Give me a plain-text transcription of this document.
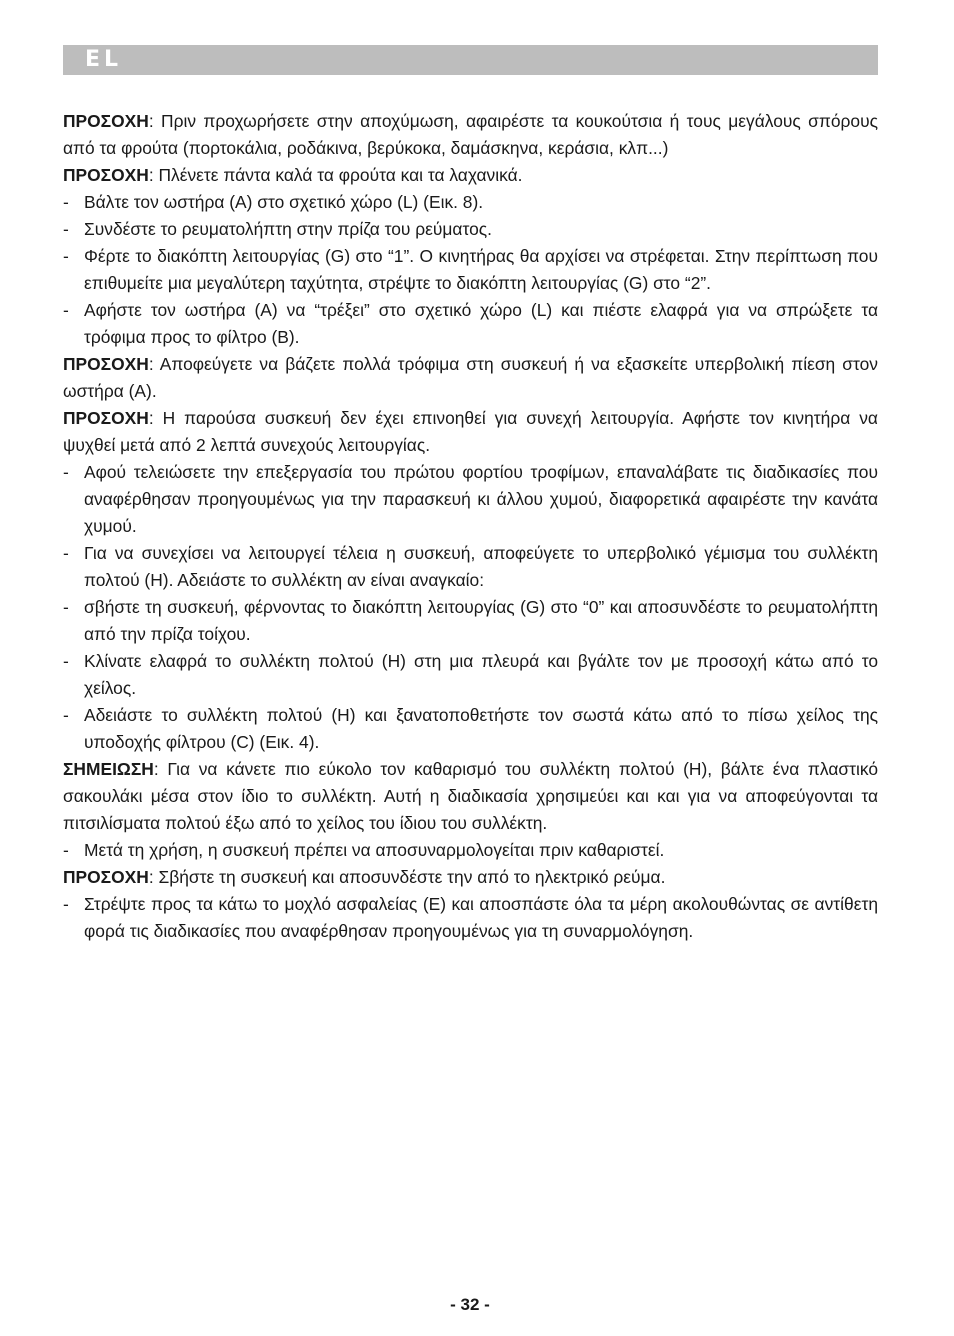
EL

ΠΡΟΣΟΧΗ: Πριν προχωρήσετε στην αποχύμωση, αφαιρέστε τα κουκούτσια ή τους μεγάλους σπόρους από τα φρούτα (πορτοκάλια, ροδάκινα, βερύκοκα, δαμάσκηνα, κεράσια, κλπ...)

ΠΡΟΣΟΧΗ: Πλένετε πάντα καλά τα φρούτα και τα λαχανικά.

- Βάλτε τον ωστήρα (A) στο σχετικό χώρο (L) (Εικ. 8).

- Συνδέστε το ρευματολήπτη στην πρίζα του ρεύματος.

- Φέρτε το διακόπτη λειτουργίας (G) στο “1”. Ο κινητήρας θα αρχίσει να στρέφεται. Στην περίπτωση που επιθυμείτε μια μεγαλύτερη ταχύτητα, στρέψτε το διακόπτη λειτουργίας (G) στο “2”.

- Αφήστε τον ωστήρα (A) να “τρέξει” στο σχετικό χώρο (L) και πιέστε ελαφρά για να σπρώξετε τα τρόφιμα προς το φίλτρο (B).

ΠΡΟΣΟΧΗ: Αποφεύγετε να βάζετε πολλά τρόφιμα στη συσκευή ή να εξασκείτε υπερβολική πίεση στον ωστήρα (A).

ΠΡΟΣΟΧΗ: Η παρούσα συσκευή δεν έχει επινοηθεί για συνεχή λειτουργία. Αφήστε τον κινητήρα να ψυχθεί μετά από 2 λεπτά συνεχούς λειτουργίας.

- Αφού τελειώσετε την επεξεργασία του πρώτου φορτίου τροφίμων, επαναλάβατε τις διαδικασίες που αναφέρθησαν προηγουμένως για την παρασκευή κι άλλου χυμού, διαφορετικά αφαιρέστε την κανάτα χυμού.

- Για να συνεχίσει να λειτουργεί τέλεια η συσκευή, αποφεύγετε το υπερβολικό γέμισμα του συλλέκτη πολτού (H). Αδειάστε το συλλέκτη αν είναι αναγκαίο:

- σβήστε τη συσκευή, φέρνοντας το διακόπτη λειτουργίας (G) στο “0” και αποσυνδέστε το ρευματολήπτη από την πρίζα τοίχου.

- Κλίνατε ελαφρά το συλλέκτη πολτού (H) στη μια πλευρά και βγάλτε τον με προσοχή κάτω από το χείλος.

- Αδειάστε το συλλέκτη πολτού (H) και ξανατοποθετήστε τον σωστά κάτω από το πίσω χείλος της υποδοχής φίλτρου (C) (Εικ. 4).

ΣΗΜΕΙΩΣΗ: Για να κάνετε πιο εύκολο τον καθαρισμό του συλλέκτη πολτού (H), βάλτε ένα πλαστικό σακουλάκι μέσα στον ίδιο το συλλέκτη. Αυτή η διαδικασία χρησιμεύει και και για να αποφεύγονται τα πιτσιλίσματα πολτού έξω από το χείλος του ίδιου του συλλέκτη.

- Μετά τη χρήση, η συσκευή πρέπει να αποσυναρμολογείται πριν καθαριστεί.

ΠΡΟΣΟΧΗ: Σβήστε τη συσκευή και αποσυνδέστε την από το ηλεκτρικό ρεύμα.

- Στρέψτε προς τα κάτω το μοχλό ασφαλείας (E) και αποσπάστε όλα τα μέρη ακολουθώντας σε αντίθετη φορά τις διαδικασίες που αναφέρθησαν προηγουμένως για τη συναρμολόγηση.

- 32 -
